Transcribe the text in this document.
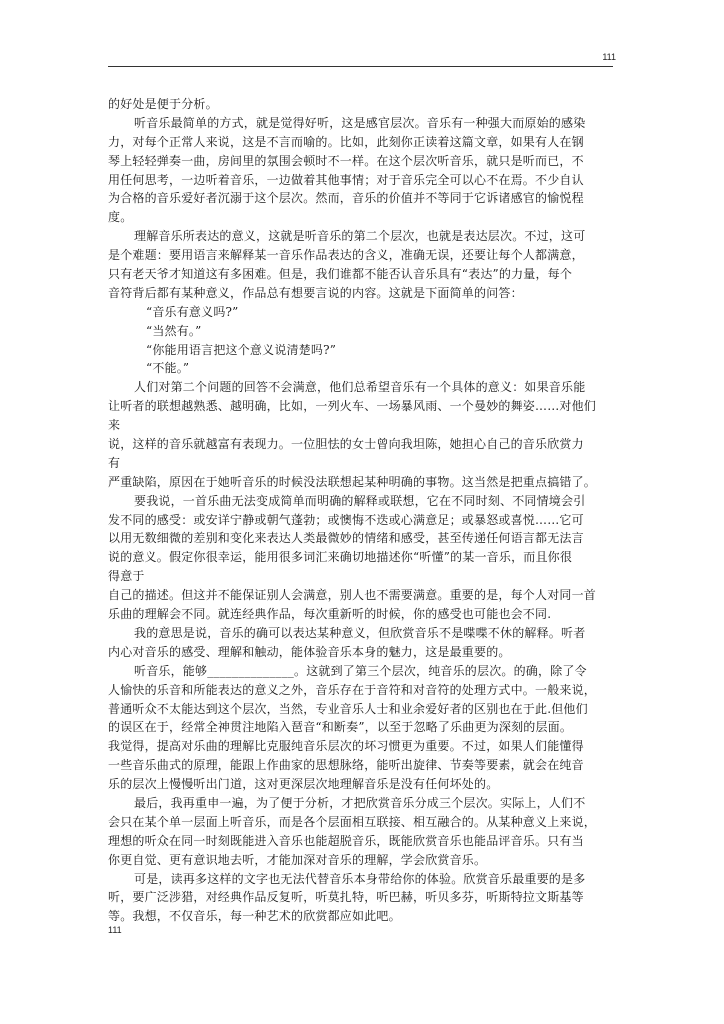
111
的好处是便于分析。
听音乐最简单的方式，就是觉得好听，这是感官层次。音乐有一种强大而原始的感染
力，对每个正常人来说，这是不言而喻的。比如，此刻你正读着这篇文章，如果有人在钢
琴上轻轻弹奏一曲，房间里的氛围会顿时不一样。在这个层次听音乐，就只是听而已，不
用任何思考，一边听着音乐，一边做着其他事情；对于音乐完全可以心不在焉。不少自认
为合格的音乐爱好者沉溺于这个层次。然而，音乐的价值并不等同于它诉诸感官的愉悦程
度。
理解音乐所表达的意义，这就是听音乐的第二个层次，也就是表达层次。不过，这可
是个难题：要用语言来解释某一音乐作品表达的含义，准确无误，还要让每个人都满意，
只有老天爷才知道这有多困难。但是，我们谁都不能否认音乐具有“表达”的力量，每个
音符背后都有某种意义，作品总有想要言说的内容。这就是下面简单的问答：
“音乐有意义吗?”
“当然有。”
“你能用语言把这个意义说清楚吗?”
“不能。”
人们对第二个问题的回答不会满意，他们总希望音乐有一个具体的意义：如果音乐能
让听者的联想越熟悉、越明确，比如，一列火车、一场暴风雨、一个曼妙的舞姿……对他们
来
说，这样的音乐就越富有表现力。一位胆怯的女士曾向我坦陈，她担心自己的音乐欣赏力
有
严重缺陷，原因在于她听音乐的时候没法联想起某种明确的事物。这当然是把重点搞错了。
要我说，一首乐曲无法变成简单而明确的解释或联想，它在不同时刻、不同情境会引
发不同的感受：或安详宁静或朝气蓬勃；或懊悔不迭或心满意足；或暴怒或喜悦……它可
以用无数细微的差别和变化来表达人类最微妙的情绪和感受，甚至传递任何语言都无法言
说的意义。假定你很幸运，能用很多词汇来确切地描述你“听懂”的某一音乐，而且你很
得意于
自己的描述。但这并不能保证别人会满意，别人也不需要满意。重要的是，每个人对同一首
乐曲的理解会不同。就连经典作品，每次重新听的时候，你的感受也可能也会不同.
我的意思是说，音乐的确可以表达某种意义，但欣赏音乐不是喋喋不休的解释。听者
内心对音乐的感受、理解和触动，能体验音乐本身的魅力，这是最重要的。
听音乐，能够______________。这就到了第三个层次，纯音乐的层次。的确，除了令
人愉快的乐音和所能表达的意义之外，音乐存在于音符和对音符的处理方式中。一般来说，
普通听众不太能达到这个层次，当然，专业音乐人士和业余爱好者的区别也在于此.但他们
的误区在于，经常全神贯注地陷入琶音“和断奏”，以至于忽略了乐曲更为深刻的层面。
我觉得，提高对乐曲的理解比克服纯音乐层次的坏习惯更为重要。不过，如果人们能懂得
一些音乐曲式的原理，能跟上作曲家的思想脉络，能听出旋律、节奏等要素，就会在纯音
乐的层次上慢慢听出门道，这对更深层次地理解音乐是没有任何坏处的。
最后，我再重申一遍，为了便于分析，才把欣赏音乐分成三个层次。实际上，人们不
会只在某个单一层面上听音乐，而是各个层面相互联接、相互融合的。从某种意义上来说，
理想的听众在同一时刻既能进入音乐也能超脱音乐，既能欣赏音乐也能品评音乐。只有当
你更自觉、更有意识地去听，才能加深对音乐的理解，学会欣赏音乐。
可是，读再多这样的文字也无法代替音乐本身带给你的体验。欣赏音乐最重要的是多
听，要广泛涉猎，对经典作品反复听，听莫扎特，听巴赫，听贝多芬，听斯特拉文斯基等
等。我想，不仅音乐，每一种艺术的欣赏都应如此吧。
111
